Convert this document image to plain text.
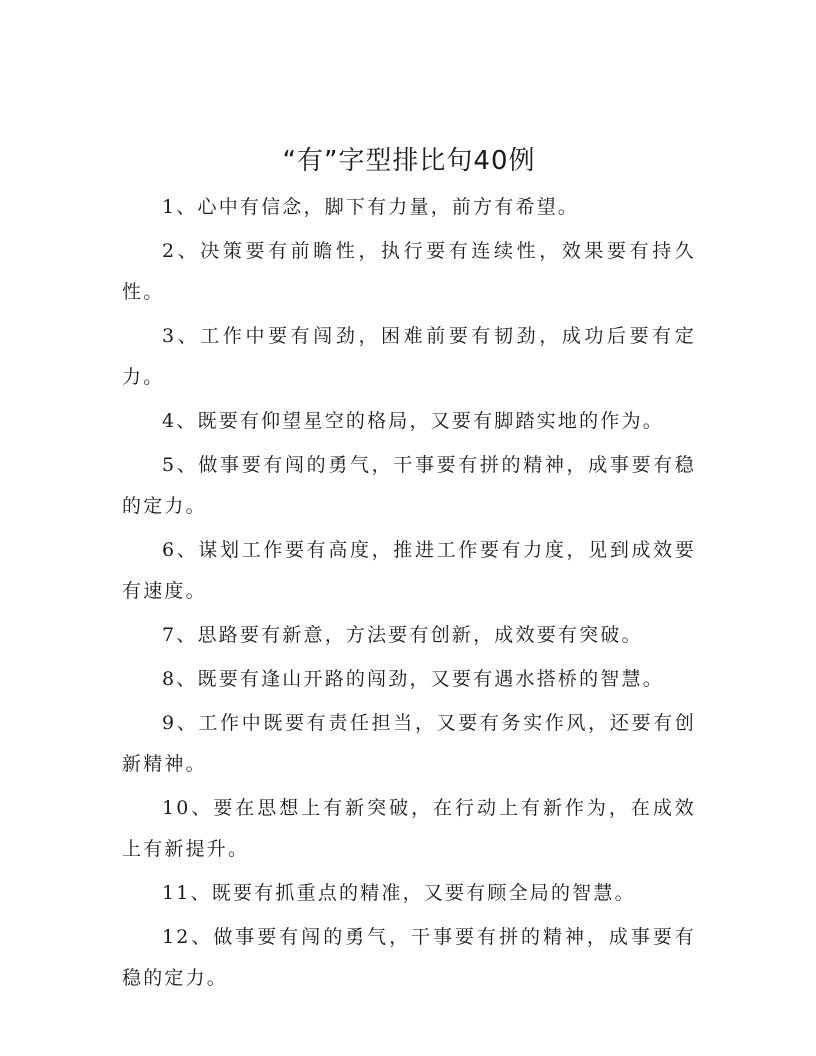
“有”字型排比句40例

1、心中有信念，脚下有力量，前方有希望。

2、决策要有前瞻性，执行要有连续性，效果要有持久性。

3、工作中要有闯劲，困难前要有韧劲，成功后要有定力。

4、既要有仰望星空的格局，又要有脚踏实地的作为。

5、做事要有闯的勇气，干事要有拼的精神，成事要有稳的定力。

6、谋划工作要有高度，推进工作要有力度，见到成效要有速度。

7、思路要有新意，方法要有创新，成效要有突破。

8、既要有逢山开路的闯劲，又要有遇水搭桥的智慧。

9、工作中既要有责任担当，又要有务实作风，还要有创新精神。

10、要在思想上有新突破，在行动上有新作为，在成效上有新提升。

11、既要有抓重点的精准，又要有顾全局的智慧。

12、做事要有闯的勇气，干事要有拼的精神，成事要有稳的定力。
